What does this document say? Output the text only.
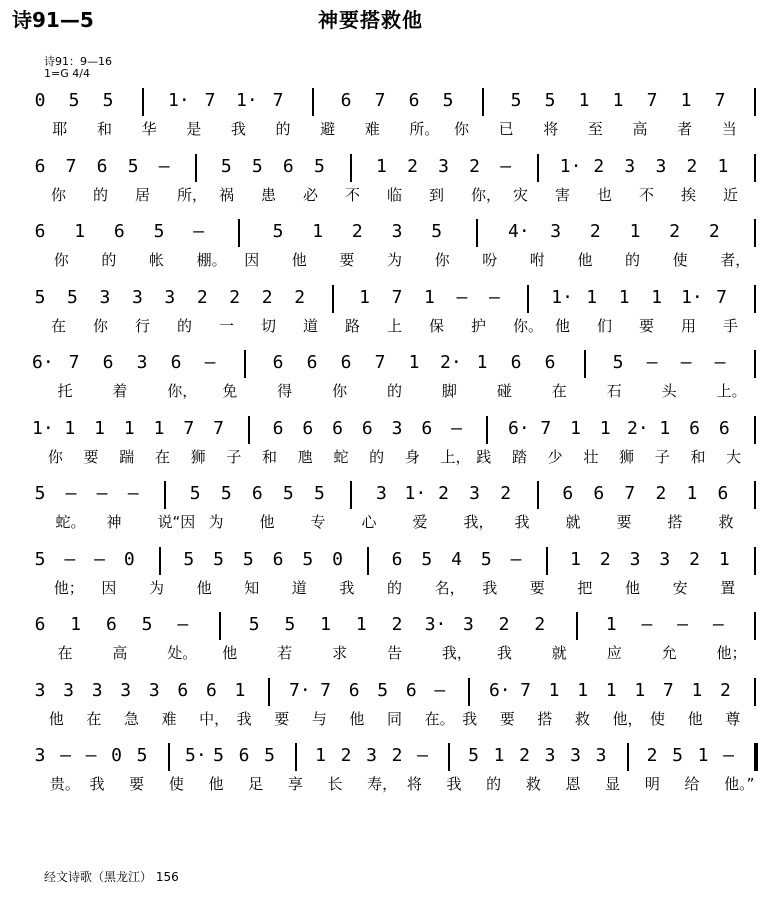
诗91—5	神要搭救他
诗91：9—16
1=G 4/4
0 5 5	1· 7 1· 7	6 7 6 5	5 5 1 1 7 1 7
耶 和 华 是 我 的 避 难 所。 你 已 将 至 高 者 当
6 7 6 5 –	5 5 6 5	1 2 3 2 –	1· 2 3 3 2 1
你 的 居 所， 祸 患 必 不 临 到 你， 灾 害 也 不 挨 近
6 1 6 5 –	5 1 2 3 5	4· 3 2 1 2 2
你 的 帐 棚。 因 他 要 为 你 吩 咐 他 的 使 者，
5 5 3 3 3 2 2 2 2	1 7 1 – –	1· 1 1 1 1· 7
在 你 行 的 一 切 道 路 上 保 护 你。 他 们 要 用 手
6· 7 6 3 6 –	6 6 6 7 1 2· 1 6 6	5 – – –
托	着	你， 免	得	你	的	脚	碰	在	石	头	上。
1· 1 1 1 1 7 7	6 6 6 6 3 6 –	6· 7 1 1 2· 1 6 6
你 要 踹 在 狮 子 和 虺 蛇 的 身 上， 践 踏 少 壮 狮 子 和 大
5 – – –	5 5 6 5 5	3 1· 2 3 2	6 6 7 2 1 6
蛇。 神 说“因 为 他 专 心 爱 我， 我 就 要 搭 救
5 – – 0	5 5 5 6 5 0	6 5 4 5 –	1 2 3 3 2 1
他； 因 为 他 知 道 我 的 名， 我 要 把 他 安 置
6 1 6 5 –	5 5 1 1 2 3· 3 2 2	1 – – –
在	高	处。 他	若	求	告	我， 我	就	应	允	他；
3 3 3 3 3 6 6 1 7· 7 6 5 6 – 6· 7 1 1 1 1 7 1 2
他 在 急 难 中， 我 要 与 他 同 在。 我 要 搭 救 他， 使 他 尊
3 – – 0 5 5· 5 6 5 1 2 3 2 – 5 1 2 3 3 3 2 5 1 –
贵。 我 要 使 他 足 享 长 寿， 将 我 的 救 恩 显 明 给 他。”
经文诗歌（黑龙江） 156
